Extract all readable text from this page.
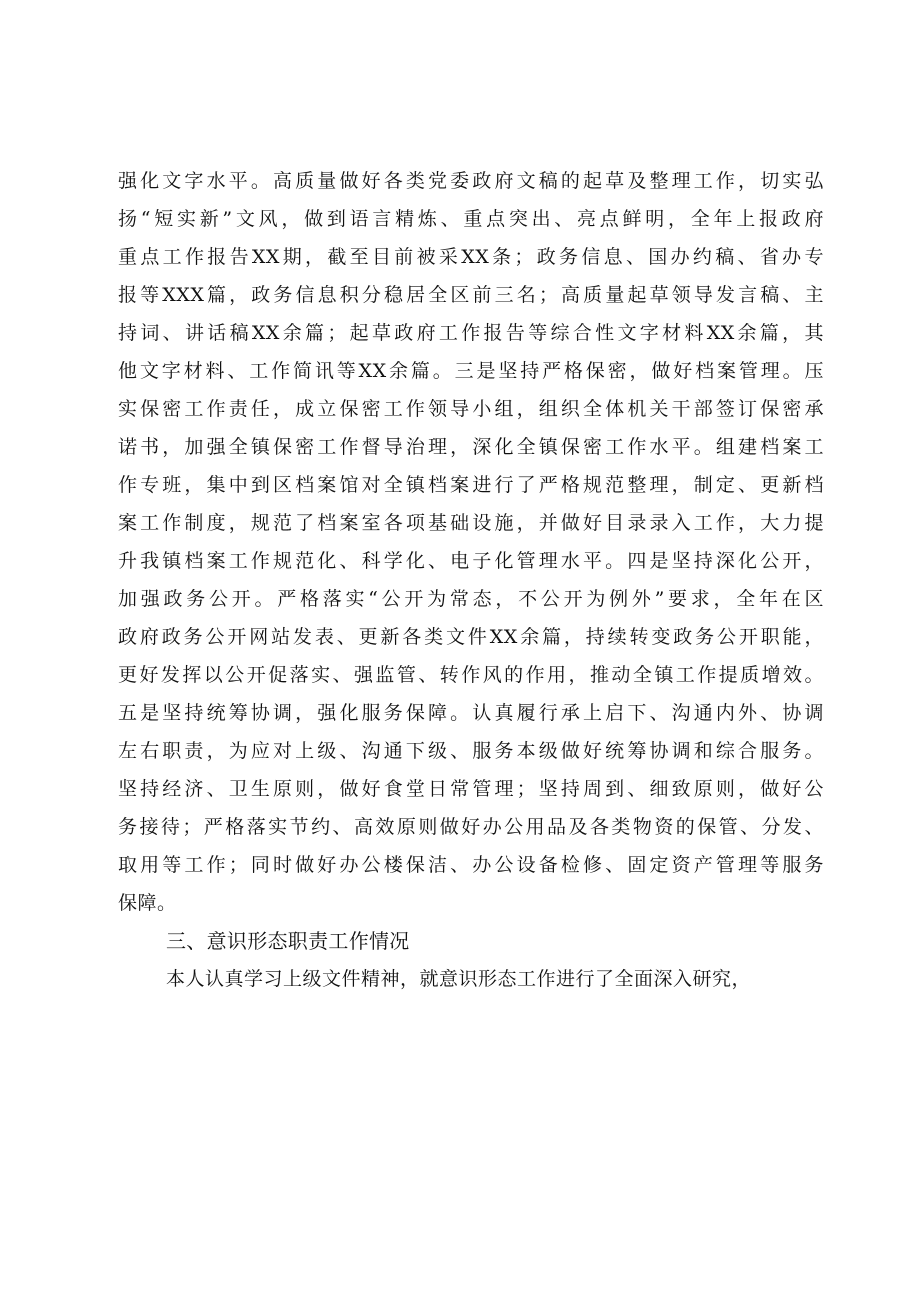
强化文字水平。高质量做好各类党委政府文稿的起草及整理工作，切实弘
扬“短实新”文风，做到语言精炼、重点突出、亮点鲜明，全年上报政府
重点工作报告XX期，截至目前被采XX条；政务信息、国办约稿、省办专
报等XXX篇，政务信息积分稳居全区前三名；高质量起草领导发言稿、主
持词、讲话稿XX余篇；起草政府工作报告等综合性文字材料XX余篇，其
他文字材料、工作简讯等XX余篇。三是坚持严格保密，做好档案管理。压
实保密工作责任，成立保密工作领导小组，组织全体机关干部签订保密承
诺书，加强全镇保密工作督导治理，深化全镇保密工作水平。组建档案工
作专班，集中到区档案馆对全镇档案进行了严格规范整理，制定、更新档
案工作制度，规范了档案室各项基础设施，并做好目录录入工作，大力提
升我镇档案工作规范化、科学化、电子化管理水平。四是坚持深化公开，
加强政务公开。严格落实“公开为常态，不公开为例外”要求，全年在区
政府政务公开网站发表、更新各类文件XX余篇，持续转变政务公开职能，
更好发挥以公开促落实、强监管、转作风的作用，推动全镇工作提质增效。
五是坚持统筹协调，强化服务保障。认真履行承上启下、沟通内外、协调
左右职责，为应对上级、沟通下级、服务本级做好统筹协调和综合服务。
坚持经济、卫生原则，做好食堂日常管理；坚持周到、细致原则，做好公
务接待；严格落实节约、高效原则做好办公用品及各类物资的保管、分发、
取用等工作；同时做好办公楼保洁、办公设备检修、固定资产管理等服务
保障。
三、意识形态职责工作情况
本人认真学习上级文件精神，就意识形态工作进行了全面深入研究，
